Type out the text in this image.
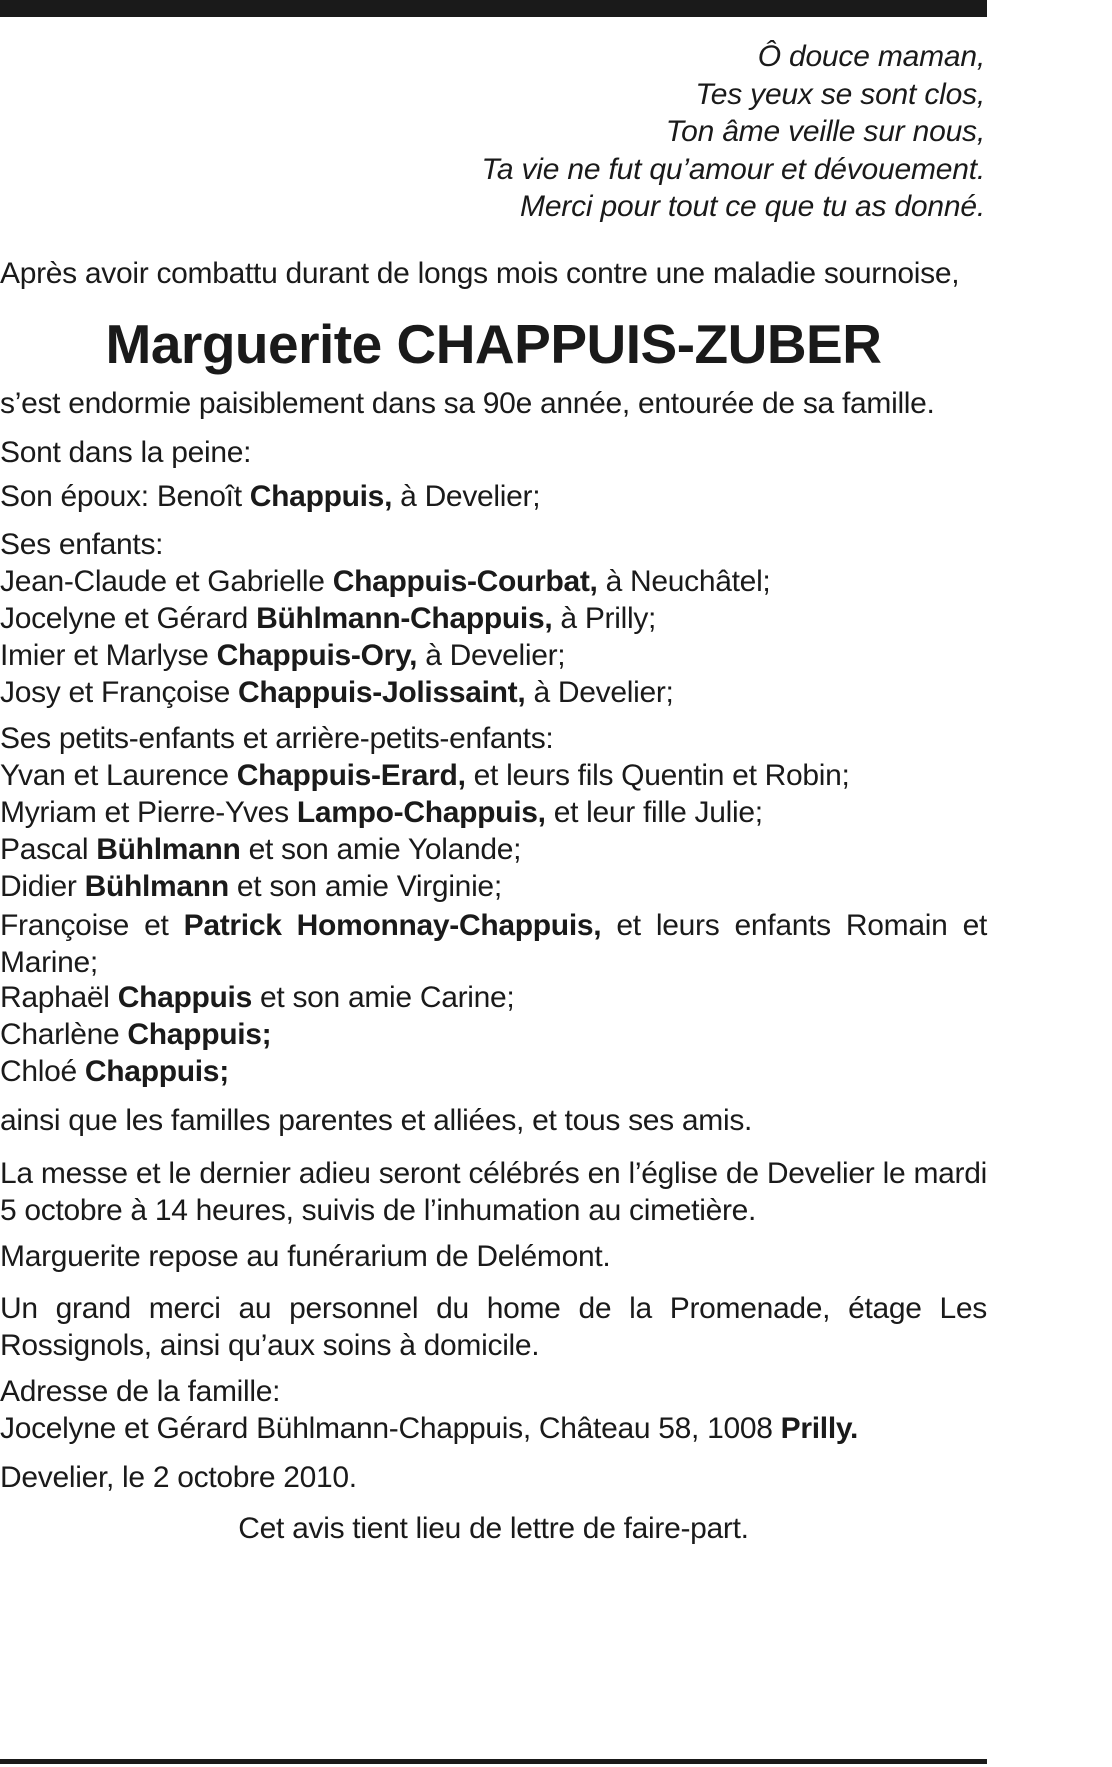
Ô douce maman,
Tes yeux se sont clos,
Ton âme veille sur nous,
Ta vie ne fut qu’amour et dévouement.
Merci pour tout ce que tu as donné.
Après avoir combattu durant de longs mois contre une maladie sournoise,
Marguerite CHAPPUIS-ZUBER
s’est endormie paisiblement dans sa 90e année, entourée de sa famille.
Sont dans la peine:
Son époux: Benoît Chappuis, à Develier;
Ses enfants:
Jean-Claude et Gabrielle Chappuis-Courbat, à Neuchâtel;
Jocelyne et Gérard Bühlmann-Chappuis, à Prilly;
Imier et Marlyse Chappuis-Ory, à Develier;
Josy et Françoise Chappuis-Jolissaint, à Develier;
Ses petits-enfants et arrière-petits-enfants:
Yvan et Laurence Chappuis-Erard, et leurs fils Quentin et Robin;
Myriam et Pierre-Yves Lampo-Chappuis, et leur fille Julie;
Pascal Bühlmann et son amie Yolande;
Didier Bühlmann et son amie Virginie;
Françoise et Patrick Homonnay-Chappuis, et leurs enfants Romain et Marine;
Raphaël Chappuis et son amie Carine;
Charlène Chappuis;
Chloé Chappuis;
ainsi que les familles parentes et alliées, et tous ses amis.
La messe et le dernier adieu seront célébrés en l’église de Develier le mardi 5 octobre à 14 heures, suivis de l’inhumation au cimetière.
Marguerite repose au funérarium de Delémont.
Un grand merci au personnel du home de la Promenade, étage Les Rossignols, ainsi qu’aux soins à domicile.
Adresse de la famille:
Jocelyne et Gérard Bühlmann-Chappuis, Château 58, 1008 Prilly.
Develier, le 2 octobre 2010.
Cet avis tient lieu de lettre de faire-part.
